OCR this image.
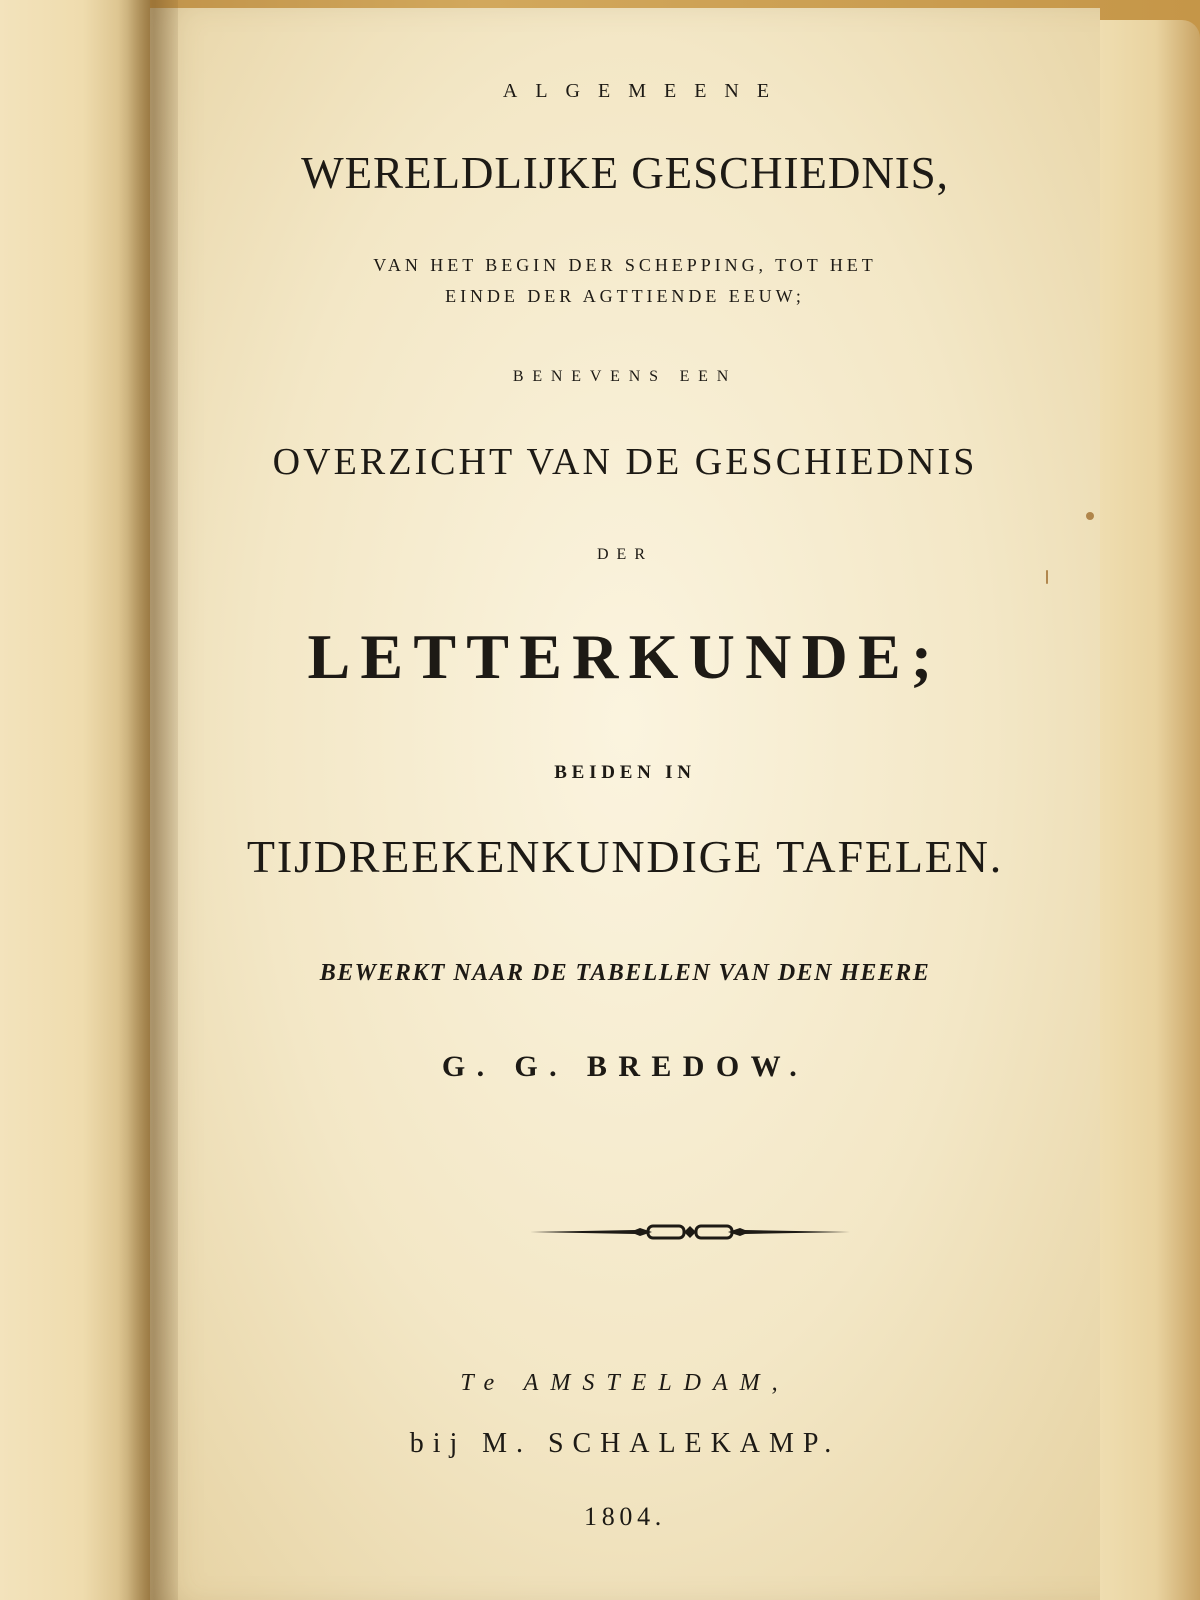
ALGEMEENE
WERELDLIJKE GESCHIEDNIS,
VAN HET BEGIN DER SCHEPPING, TOT HET
EINDE DER AGTTIENDE EEUW;
BENEVENS EEN
OVERZICHT VAN DE GESCHIEDNIS
DER
LETTERKUNDE;
BEIDEN IN
TIJDREEKENKUNDIGE TAFELEN.
BEWERKT NAAR DE TABELLEN VAN DEN HEERE
G. G. BREDOW.
Te AMSTELDAM,
bij M. SCHALEKAMP.
1804.
